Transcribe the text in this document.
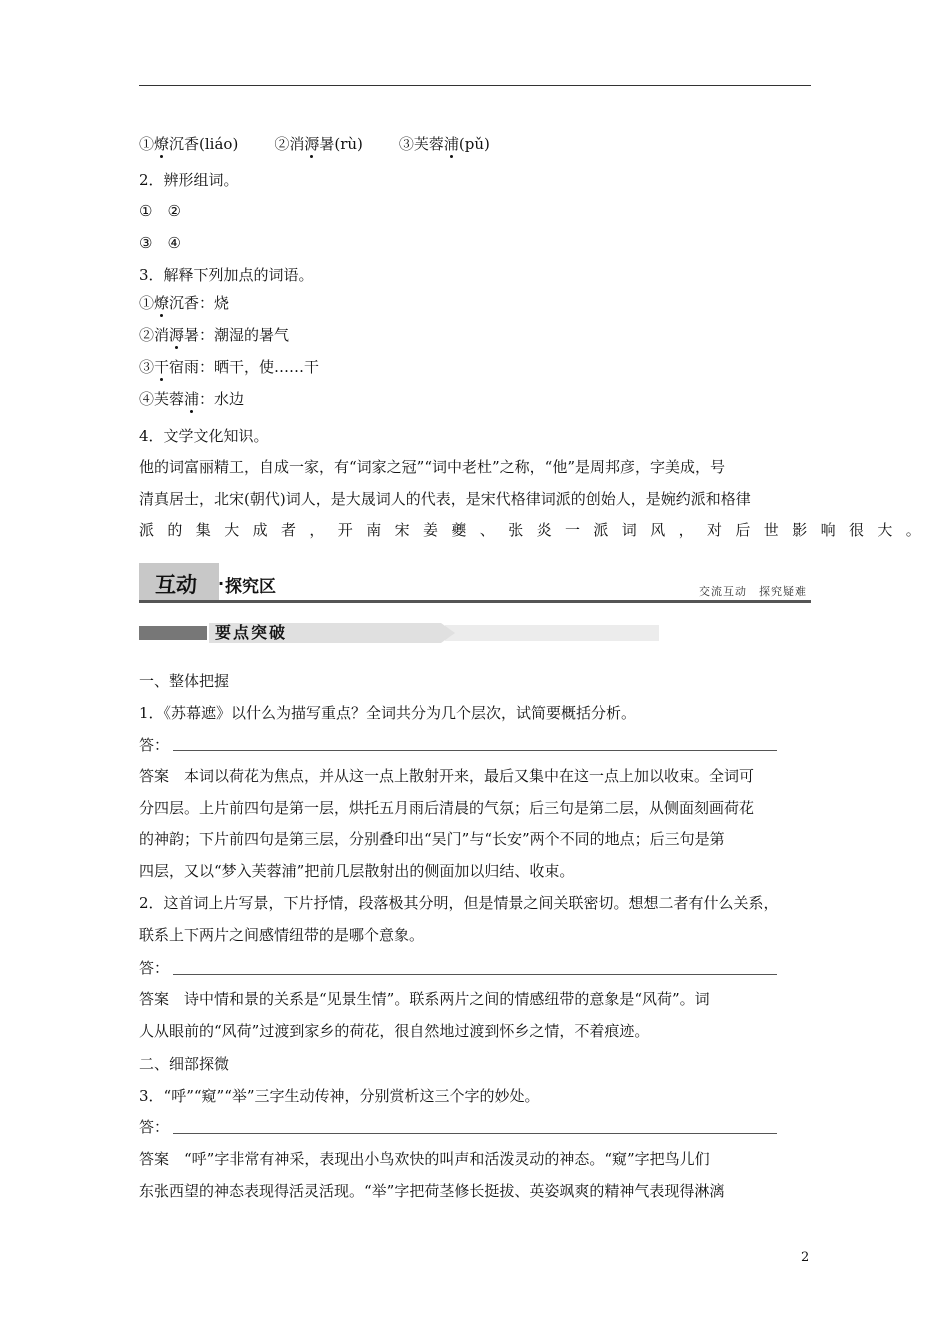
①燎沉香(liáo) ②消溽暑(rù) ③芙蓉浦(pǔ)
2．辨形组词。
①　②
③　④
3．解释下列加点的词语。
①燎沉香：烧
②消溽暑：潮湿的暑气
③干宿雨：晒干，使……干
④芙蓉浦：水边
4．文学文化知识。
他的词富丽精工，自成一家，有“词家之冠”“词中老杜”之称，“他”是周邦彦，字美成，号
清真居士，北宋(朝代)词人，是大晟词人的代表，是宋代格律词派的创始人，是婉约派和格律
派的集大成者，开南宋姜夔、张炎一派词风，对后世影响很大。
互动 · 探究区	交流互动　探究疑难
要点突破
一、整体把握
1．《苏幕遮》以什么为描写重点？全词共分为几个层次，试简要概括分析。
答：
答案　本词以荷花为焦点，并从这一点上散射开来，最后又集中在这一点上加以收束。全词可
分四层。上片前四句是第一层，烘托五月雨后清晨的气氛；后三句是第二层，从侧面刻画荷花
的神韵；下片前四句是第三层，分别叠印出“吴门”与“长安”两个不同的地点；后三句是第
四层，又以“梦入芙蓉浦”把前几层散射出的侧面加以归结、收束。
2．这首词上片写景，下片抒情，段落极其分明，但是情景之间关联密切。想想二者有什么关系，
联系上下两片之间感情纽带的是哪个意象。
答：
答案　诗中情和景的关系是“见景生情”。联系两片之间的情感纽带的意象是“风荷”。词
人从眼前的“风荷”过渡到家乡的荷花，很自然地过渡到怀乡之情，不着痕迹。
二、细部探微
3．“呼”“窥”“举”三字生动传神，分别赏析这三个字的妙处。
答：
答案　“呼”字非常有神采，表现出小鸟欢快的叫声和活泼灵动的神态。“窥”字把鸟儿们
东张西望的神态表现得活灵活现。“举”字把荷茎修长挺拔、英姿飒爽的精神气表现得淋漓
2
